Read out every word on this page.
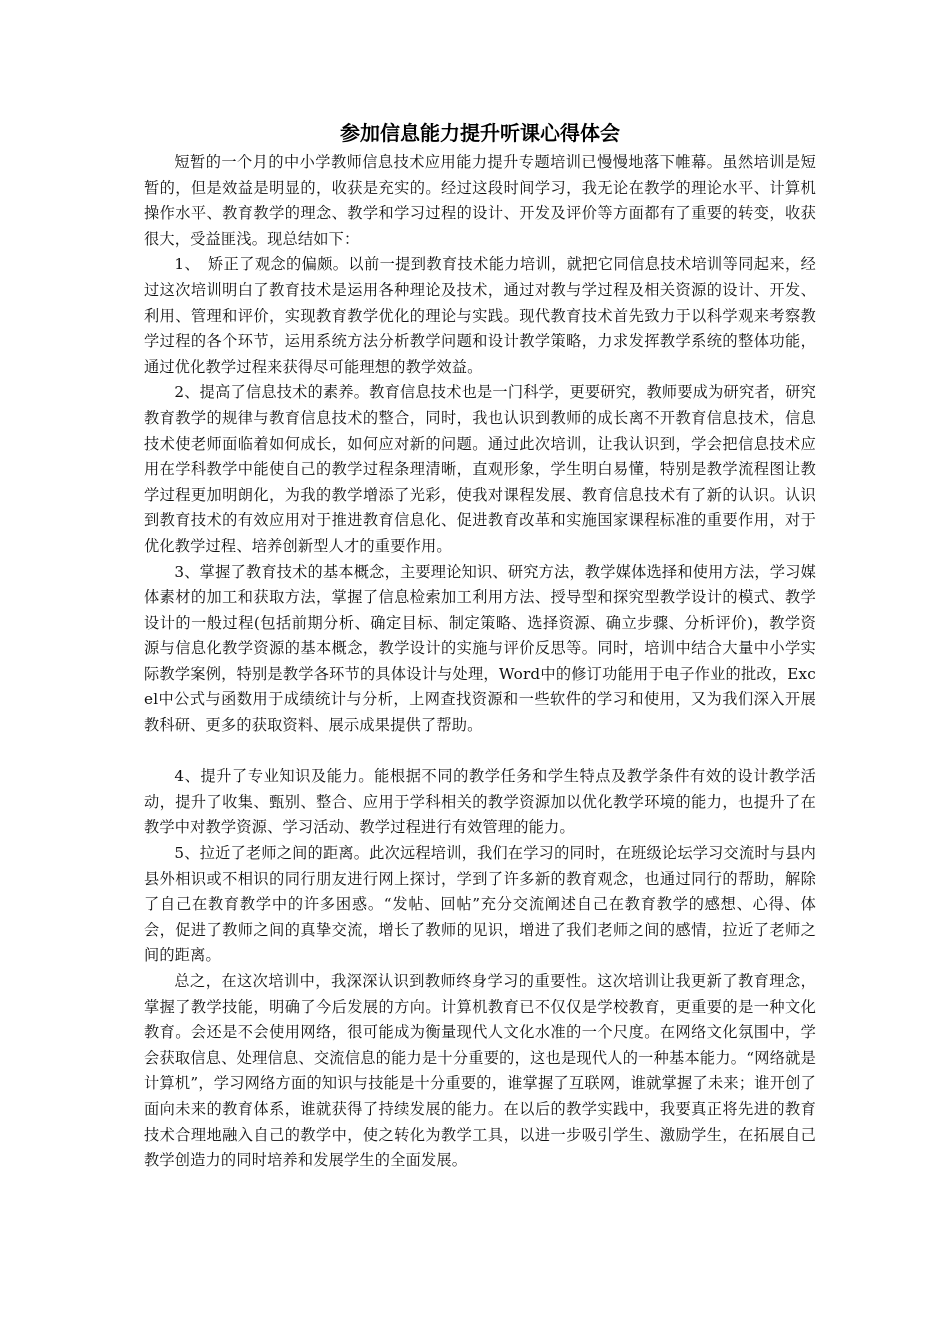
参加信息能力提升听课心得体会

短暂的一个月的中小学教师信息技术应用能力提升专题培训已慢慢地落下帷幕。虽然培训是短暂的，但是效益是明显的，收获是充实的。经过这段时间学习，我无论在教学的理论水平、计算机操作水平、教育教学的理念、教学和学习过程的设计、开发及评价等方面都有了重要的转变，收获很大，受益匪浅。现总结如下：

1、　矫正了观念的偏颇。以前一提到教育技术能力培训，就把它同信息技术培训等同起来，经过这次培训明白了教育技术是运用各种理论及技术，通过对教与学过程及相关资源的设计、开发、利用、管理和评价，实现教育教学优化的理论与实践。现代教育技术首先致力于以科学观来考察教学过程的各个环节，运用系统方法分析教学问题和设计教学策略，力求发挥教学系统的整体功能，通过优化教学过程来获得尽可能理想的教学效益。

2、提高了信息技术的素养。教育信息技术也是一门科学，更要研究，教师要成为研究者，研究教育教学的规律与教育信息技术的整合，同时，我也认识到教师的成长离不开教育信息技术，信息技术使老师面临着如何成长，如何应对新的问题。通过此次培训，让我认识到，学会把信息技术应用在学科教学中能使自己的教学过程条理清晰，直观形象，学生明白易懂，特别是教学流程图让教学过程更加明朗化，为我的教学增添了光彩，使我对课程发展、教育信息技术有了新的认识。认识到教育技术的有效应用对于推进教育信息化、促进教育改革和实施国家课程标准的重要作用，对于优化教学过程、培养创新型人才的重要作用。

3、掌握了教育技术的基本概念，主要理论知识、研究方法，教学媒体选择和使用方法，学习媒体素材的加工和获取方法，掌握了信息检索加工利用方法、授导型和探究型教学设计的模式、教学设计的一般过程(包括前期分析、确定目标、制定策略、选择资源、确立步骤、分析评价)，教学资源与信息化教学资源的基本概念，教学设计的实施与评价反思等。同时，培训中结合大量中小学实际教学案例，特别是教学各环节的具体设计与处理，Word中的修订功能用于电子作业的批改，Excel中公式与函数用于成绩统计与分析，上网查找资源和一些软件的学习和使用，又为我们深入开展教科研、更多的获取资料、展示成果提供了帮助。

4、提升了专业知识及能力。能根据不同的教学任务和学生特点及教学条件有效的设计教学活动，提升了收集、甄别、整合、应用于学科相关的教学资源加以优化教学环境的能力，也提升了在教学中对教学资源、学习活动、教学过程进行有效管理的能力。

5、拉近了老师之间的距离。此次远程培训，我们在学习的同时，在班级论坛学习交流时与县内县外相识或不相识的同行朋友进行网上探讨，学到了许多新的教育观念，也通过同行的帮助，解除了自己在教育教学中的许多困惑。“发帖、回帖”充分交流阐述自己在教育教学的感想、心得、体会，促进了教师之间的真挚交流，增长了教师的见识，增进了我们老师之间的感情，拉近了老师之间的距离。

总之，在这次培训中，我深深认识到教师终身学习的重要性。这次培训让我更新了教育理念，掌握了教学技能，明确了今后发展的方向。计算机教育已不仅仅是学校教育，更重要的是一种文化教育。会还是不会使用网络，很可能成为衡量现代人文化水准的一个尺度。在网络文化氛围中，学会获取信息、处理信息、交流信息的能力是十分重要的，这也是现代人的一种基本能力。“网络就是计算机”，学习网络方面的知识与技能是十分重要的，谁掌握了互联网，谁就掌握了未来；谁开创了面向未来的教育体系，谁就获得了持续发展的能力。在以后的教学实践中，我要真正将先进的教育技术合理地融入自己的教学中，使之转化为教学工具，以进一步吸引学生、激励学生，在拓展自己教学创造力的同时培养和发展学生的全面发展。
